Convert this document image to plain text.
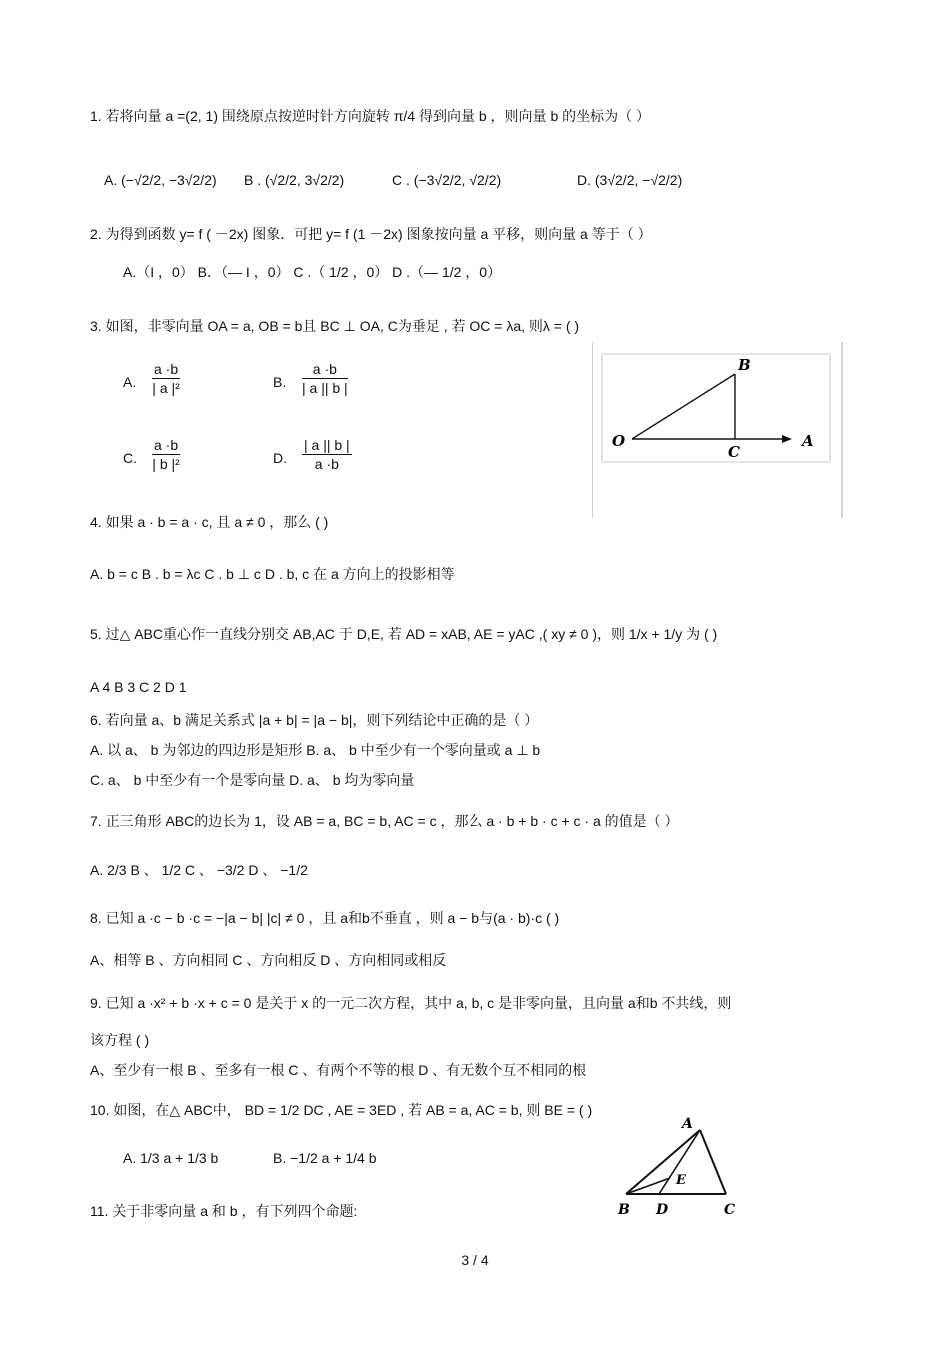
1. 若将向量 a =(2, 1) 围绕原点按逆时针方向旋转 π/4 得到向量 b ，则向量 b 的坐标为（ ）
A. (−√2/2, −3√2/2) B . (√2/2, 3√2/2)	C . (−3√2/2, √2/2)	D. (3√2/2, −√2/2)
2. 为得到函数 y= f ( －2x) 图象．可把 y= f (1 －2x) 图象按向量 a 平移，则向量 a 等于（ ）
A.（I ，0） B．（— I ，0） C .（ 1/2 ，0） D .（— 1/2 ，0）
3. 如图，非零向量 OA = a, OB = b且 BC ⊥ OA, C为垂足 , 若 OC = λa, 则λ = ( )
A. $\frac{a \cdot b}{\text{| a |²}}$	B. $\frac{a \cdot b}{| a || b |}$
C. $\frac{a \cdot b}{\text{| b |²}}$	D. $\frac{| a || b |}{a \cdot b}$	O	A
B
C
4. 如果 a · b = a · c, 且 a ≠ 0 ，那么 ( )
A. b = c B . b = λc C . b ⊥ c D . b, c 在 a 方向上的投影相等
5. 过△ ABC重心作一直线分别交 AB,AC 于 D,E, 若 AD = xAB, AE = yAC ,( xy ≠ 0 )，则 1/x + 1/y 为 ( )
A 4 B 3 C 2 D 1
6. 若向量 a、b 满足关系式 |a + b| = |a − b|，则下列结论中正确的是（ ）
A. 以 a、 b 为邻边的四边形是矩形 B. a、 b 中至少有一个零向量或 a ⊥ b
C. a、 b 中至少有一个是零向量 D. a、 b 均为零向量
7. 正三角形 ABC的边长为 1，设 AB = a, BC = b, AC = c ，那么 a · b + b · c + c · a 的值是（ ）
A. 2/3 B 、 1/2 C 、 −3/2 D 、 −1/2
8. 已知 a ·c − b ·c = −|a − b| |c| ≠ 0 ，且 a和b不垂直 ，则 a − b与(a · b)·c ( )
A、相等 B 、方向相同 C 、方向相反 D 、方向相同或相反
9. 已知 a ·x² + b ·x + c = 0 是关于 x 的一元二次方程，其中 a, b, c 是非零向量，且向量 a和b 不共线，则
该方程 ( )
A、至少有一根 B 、至多有一根 C 、有两个不等的根 D 、有无数个互不相同的根
10. 如图，在△ ABC中， BD = 1/2 DC , AE = 3ED , 若 AB = a, AC = b, 则 BE = ( )
A. 1/3 a + 1/3 b	B. −1/2 a + 1/4 b
A
E
B D	C
11. 关于非零向量 a 和 b ，有下列四个命题:
3 / 4
